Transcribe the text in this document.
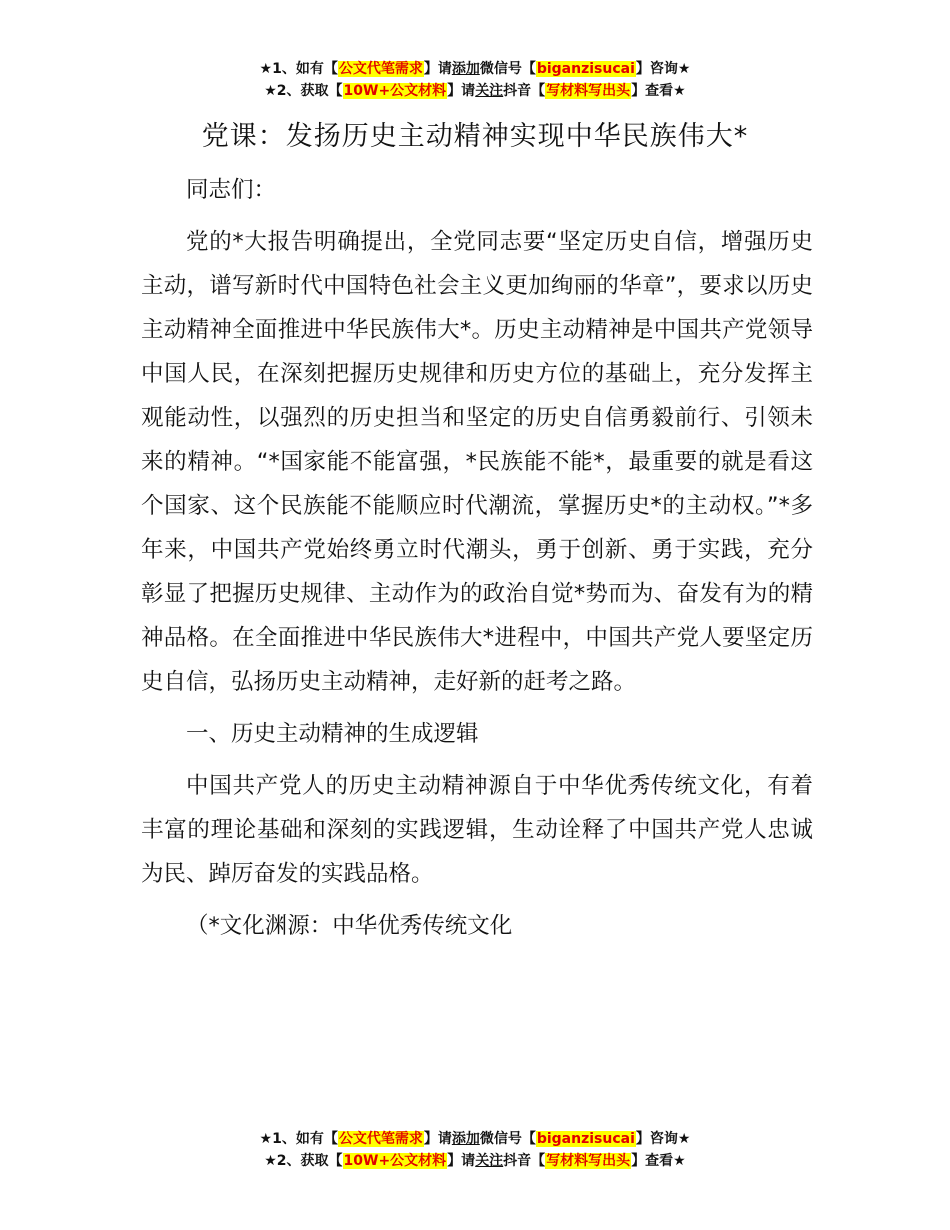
★1、如有【公文代笔需求】请添加微信号【biganzisucai】咨询★
★2、获取【10W+公文材料】请关注抖音【写材料写出头】查看★
党课：发扬历史主动精神实现中华民族伟大*

同志们：

党的*大报告明确提出，全党同志要“坚定历史自信，增强历史主动，谱写新时代中国特色社会主义更加绚丽的华章”，要求以历史主动精神全面推进中华民族伟大*。历史主动精神是中国共产党领导中国人民，在深刻把握历史规律和历史方位的基础上，充分发挥主观能动性，以强烈的历史担当和坚定的历史自信勇毅前行、引领未来的精神。“*国家能不能富强，*民族能不能*，最重要的就是看这个国家、这个民族能不能顺应时代潮流，掌握历史*的主动权。”*多年来，中国共产党始终勇立时代潮头，勇于创新、勇于实践，充分彰显了把握历史规律、主动作为的政治自觉*势而为、奋发有为的精神品格。在全面推进中华民族伟大*进程中，中国共产党人要坚定历史自信，弘扬历史主动精神，走好新的赶考之路。

一、历史主动精神的生成逻辑

中国共产党人的历史主动精神源自于中华优秀传统文化，有着丰富的理论基础和深刻的实践逻辑，生动诠释了中国共产党人忠诚为民、踔厉奋发的实践品格。

（*文化渊源：中华优秀传统文化

★1、如有【公文代笔需求】请添加微信号【biganzisucai】咨询★
★2、获取【10W+公文材料】请关注抖音【写材料写出头】查看★
